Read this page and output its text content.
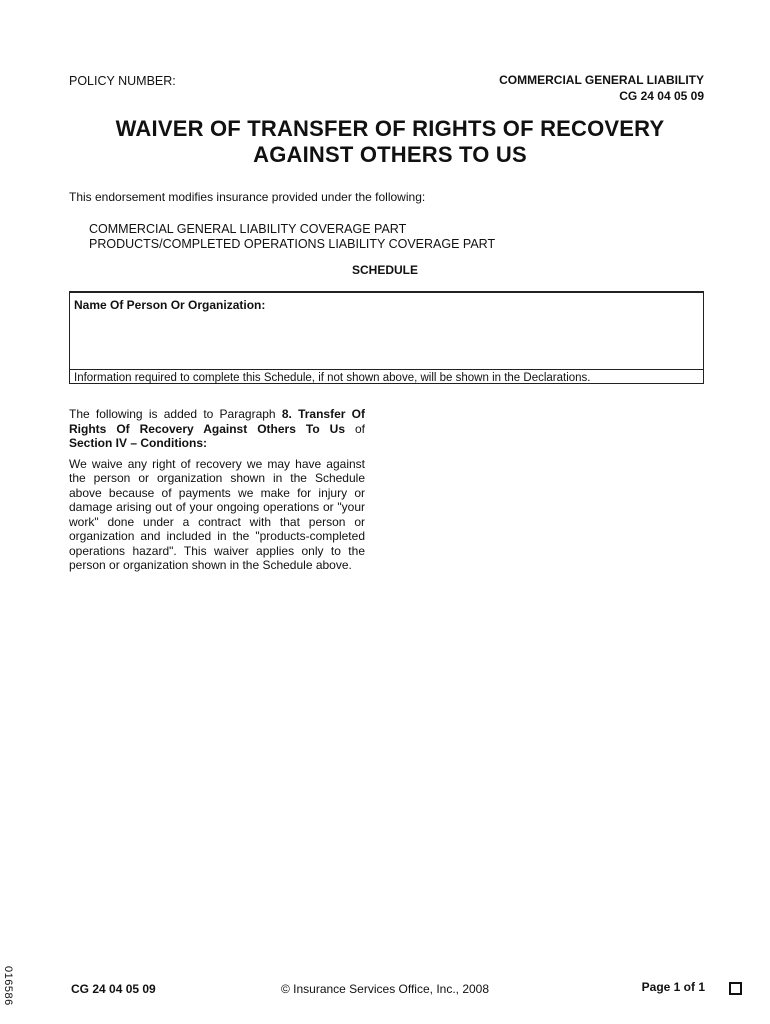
POLICY NUMBER:	COMMERCIAL GENERAL LIABILITY
CG 24 04 05 09
WAIVER OF TRANSFER OF RIGHTS OF RECOVERY
AGAINST OTHERS TO US
This endorsement modifies insurance provided under the following:
COMMERCIAL GENERAL LIABILITY COVERAGE PART
PRODUCTS/COMPLETED OPERATIONS LIABILITY COVERAGE PART
SCHEDULE
Name Of Person Or Organization:
Information required to complete this Schedule, if not shown above, will be shown in the Declarations.

The following is added to Paragraph 8. Transfer Of Rights Of Recovery Against Others To Us of Section IV – Conditions:

We waive any right of recovery we may have against the person or organization shown in the Schedule above because of payments we make for injury or damage arising out of your ongoing operations or "your work" done under a contract with that person or organization and included in the "products-completed operations hazard". This waiver applies only to the person or organization shown in the Schedule above.

016586	CG 24 04 05 09	© Insurance Services Office, Inc., 2008	Page 1 of 1
